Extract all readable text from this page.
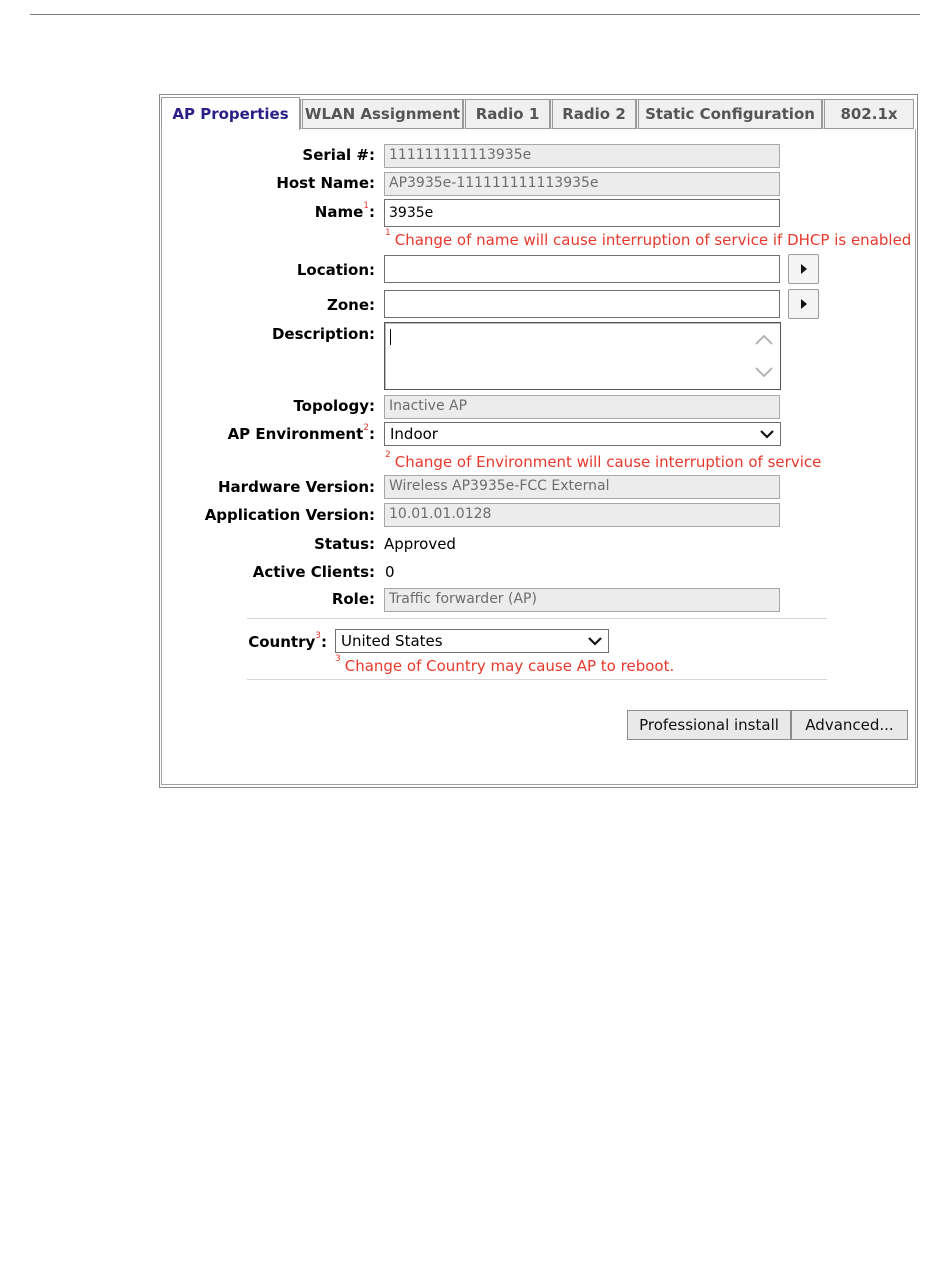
AP Properties	WLAN Assignment	Radio 1	Radio 2	Static Configuration	802.1x
Serial #:	111111111113935e
Host Name:	AP3935e-111111111113935e
Name$^1$:	3935e
$^1$ Change of name will cause interruption of service if DHCP is enabled
Location:
Zone:
Description:
Topology:	Inactive AP
AP Environment$^2$:	Indoor
$^2$ Change of Environment will cause interruption of service
Hardware Version:	Wireless AP3935e-FCC External
Application Version:	10.01.01.0128
Status: Approved
Active Clients: 0
Role:	Traffic forwarder (AP)
Country$^3$: United States
$^3$ Change of Country may cause AP to reboot.
Professional install	Advanced...
